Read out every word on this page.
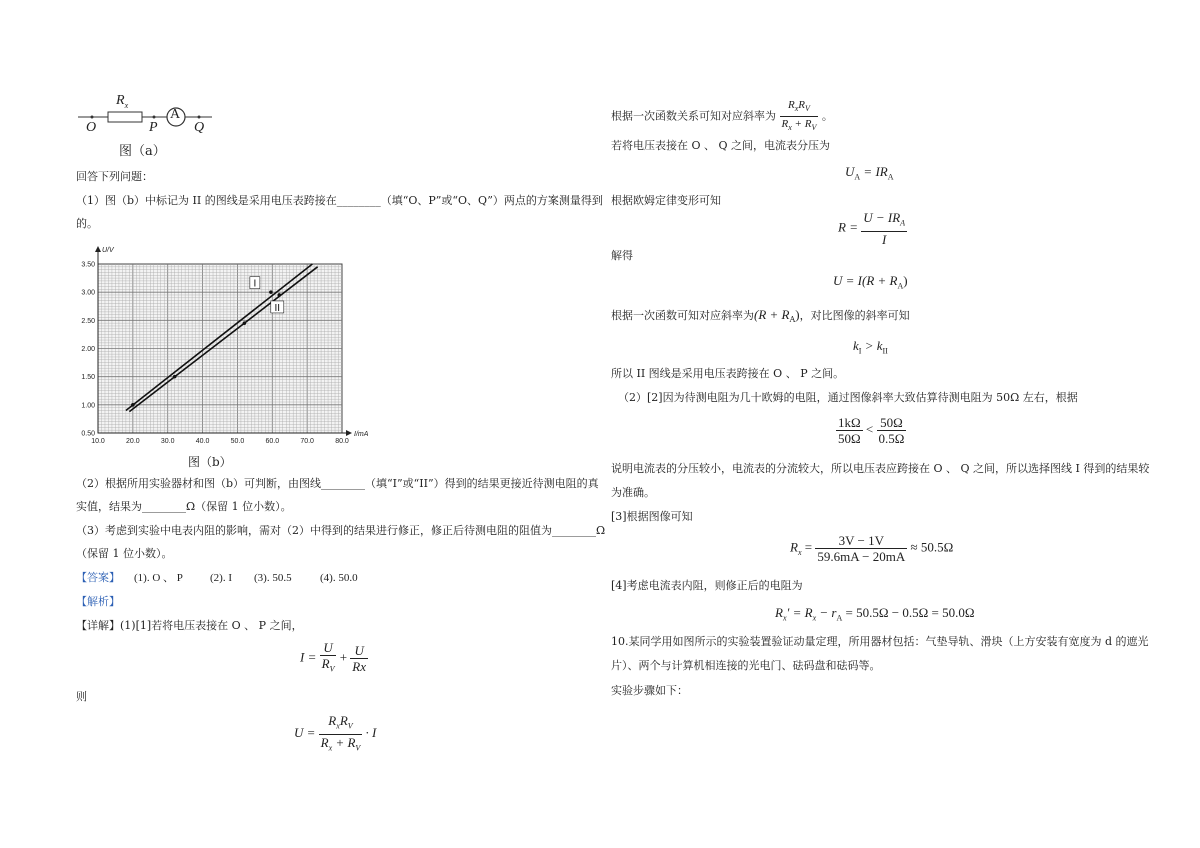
$R_x$
A
O	P	Q
图（a）
回答下列问题：
（1）图（b）中标记为 II 的图线是采用电压表跨接在________（填“O、P”或“O、Q”）两点的方案测量得到
的。
10.0	20.0	30.0	40.0	50.0	60.0	70.0	80.0
0.50
1.00
1.50
2.00
2.50
3.00
3.50
U/V
I/mA
I
II
图（b）
（2）根据所用实验器材和图（b）可判断，由图线________（填“I”或“II”）得到的结果更接近待测电阻的真
实值，结果为________Ω（保留 1 位小数）。
（3）考虑到实验中电表内阻的影响，需对（2）中得到的结果进行修正，修正后待测电阻的阻值为________Ω
（保留 1 位小数）。
【答案】 (1). O 、 P (2). I (3). 50.5	(4). 50.0
【解析】
【详解】(1)[1]若将电压表接在 O 、 P 之间，
$I = \frac{U}{R_V} + \frac{U}{Rx}$
则
$U = \frac{R_xR_V}{R_x + R_V} \cdot I$
根据一次函数关系可知对应斜率为 $\frac{R_xR_V}{R_x + R_V}$ 。
若将电压表接在 O 、 Q 之间，电流表分压为
$U_A = IR_A$
根据欧姆定律变形可知
$R = \frac{U - IR_A}{I}$
解得
$U = I(R + R_A)$
根据一次函数可知对应斜率为$(R + R_A)$，对比图像的斜率可知
$k_I > k_{II}$
所以 II 图线是采用电压表跨接在 O 、 P 之间。
（2）[2]因为待测电阻为几十欧姆的电阻，通过图像斜率大致估算待测电阻为 50Ω 左右，根据
$\frac{1k\Omega}{50\Omega} < \frac{50\Omega}{0.5\Omega}$
说明电流表的分压较小，电流表的分流较大，所以电压表应跨接在 O 、 Q 之间，所以选择图线 I 得到的结果较
为准确。
[3]根据图像可知
$R_x = \frac{3V - 1V}{59.6mA - 20mA} \approx 50.5\Omega$
[4]考虑电流表内阻，则修正后的电阻为
$R_x' = R_x - r_A = 50.5\Omega - 0.5\Omega = 50.0\Omega$
10.某同学用如图所示的实验装置验证动量定理，所用器材包括：气垫导轨、滑块（上方安装有宽度为 d 的遮光
片）、两个与计算机相连接的光电门、砝码盘和砝码等。
实验步骤如下：
